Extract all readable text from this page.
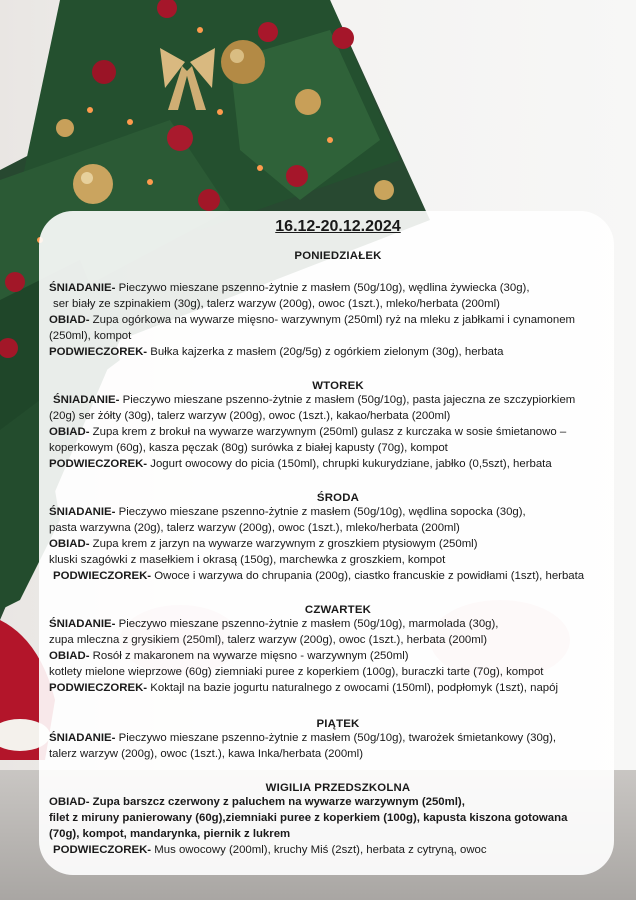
16.12-20.12.2024
PONIEDZIAŁEK

ŚNIADANIE- Pieczywo mieszane pszenno-żytnie z masłem (50g/10g), wędlina żywiecka (30g),

ser biały ze szpinakiem (30g), talerz warzyw (200g), owoc (1szt.), mleko/herbata (200ml)

OBIAD- Zupa ogórkowa na wywarze mięsno- warzywnym (250ml) ryż na mleku z jabłkami i cynamonem

(250ml), kompot

PODWIECZOREK- Bułka kajzerka z masłem (20g/5g) z ogórkiem zielonym (30g), herbata

WTOREK

ŚNIADANIE- Pieczywo mieszane pszenno-żytnie z masłem (50g/10g), pasta jajeczna ze szczypiorkiem

(20g) ser żółty (30g), talerz warzyw (200g), owoc (1szt.), kakao/herbata (200ml)

OBIAD- Zupa krem z brokuł na wywarze warzywnym (250ml) gulasz z kurczaka w sosie śmietanowo –

koperkowym (60g), kasza pęczak (80g) surówka z białej kapusty (70g), kompot

PODWIECZOREK- Jogurt owocowy do picia (150ml), chrupki kukurydziane, jabłko (0,5szt), herbata

ŚRODA

ŚNIADANIE- Pieczywo mieszane pszenno-żytnie z masłem (50g/10g), wędlina sopocka (30g),

pasta warzywna (20g), talerz warzyw (200g), owoc (1szt.), mleko/herbata (200ml)

OBIAD- Zupa krem z jarzyn na wywarze warzywnym z groszkiem ptysiowym (250ml)

kluski szagówki z masełkiem i okrasą (150g), marchewka z groszkiem, kompot

PODWIECZOREK- Owoce i warzywa do chrupania (200g), ciastko francuskie z powidłami (1szt), herbata

CZWARTEK

ŚNIADANIE- Pieczywo mieszane pszenno-żytnie z masłem (50g/10g), marmolada (30g),

zupa mleczna z grysikiem (250ml), talerz warzyw (200g), owoc (1szt.), herbata (200ml)

OBIAD- Rosół z makaronem na wywarze mięsno - warzywnym (250ml)

kotlety mielone wieprzowe (60g) ziemniaki puree z koperkiem (100g), buraczki tarte (70g), kompot

PODWIECZOREK- Koktajl na bazie jogurtu naturalnego z owocami (150ml), podpłomyk (1szt), napój

PIĄTEK

ŚNIADANIE- Pieczywo mieszane pszenno-żytnie z masłem (50g/10g), twarożek śmietankowy (30g),

talerz warzyw (200g), owoc (1szt.), kawa Inka/herbata (200ml)

WIGILIA PRZEDSZKOLNA

OBIAD- Zupa barszcz czerwony z paluchem na wywarze warzywnym (250ml),

filet z miruny panierowany (60g),ziemniaki puree z koperkiem (100g), kapusta kiszona gotowana

(70g), kompot, mandarynka, piernik z lukrem

PODWIECZOREK- Mus owocowy (200ml), kruchy Miś (2szt), herbata z cytryną, owoc
